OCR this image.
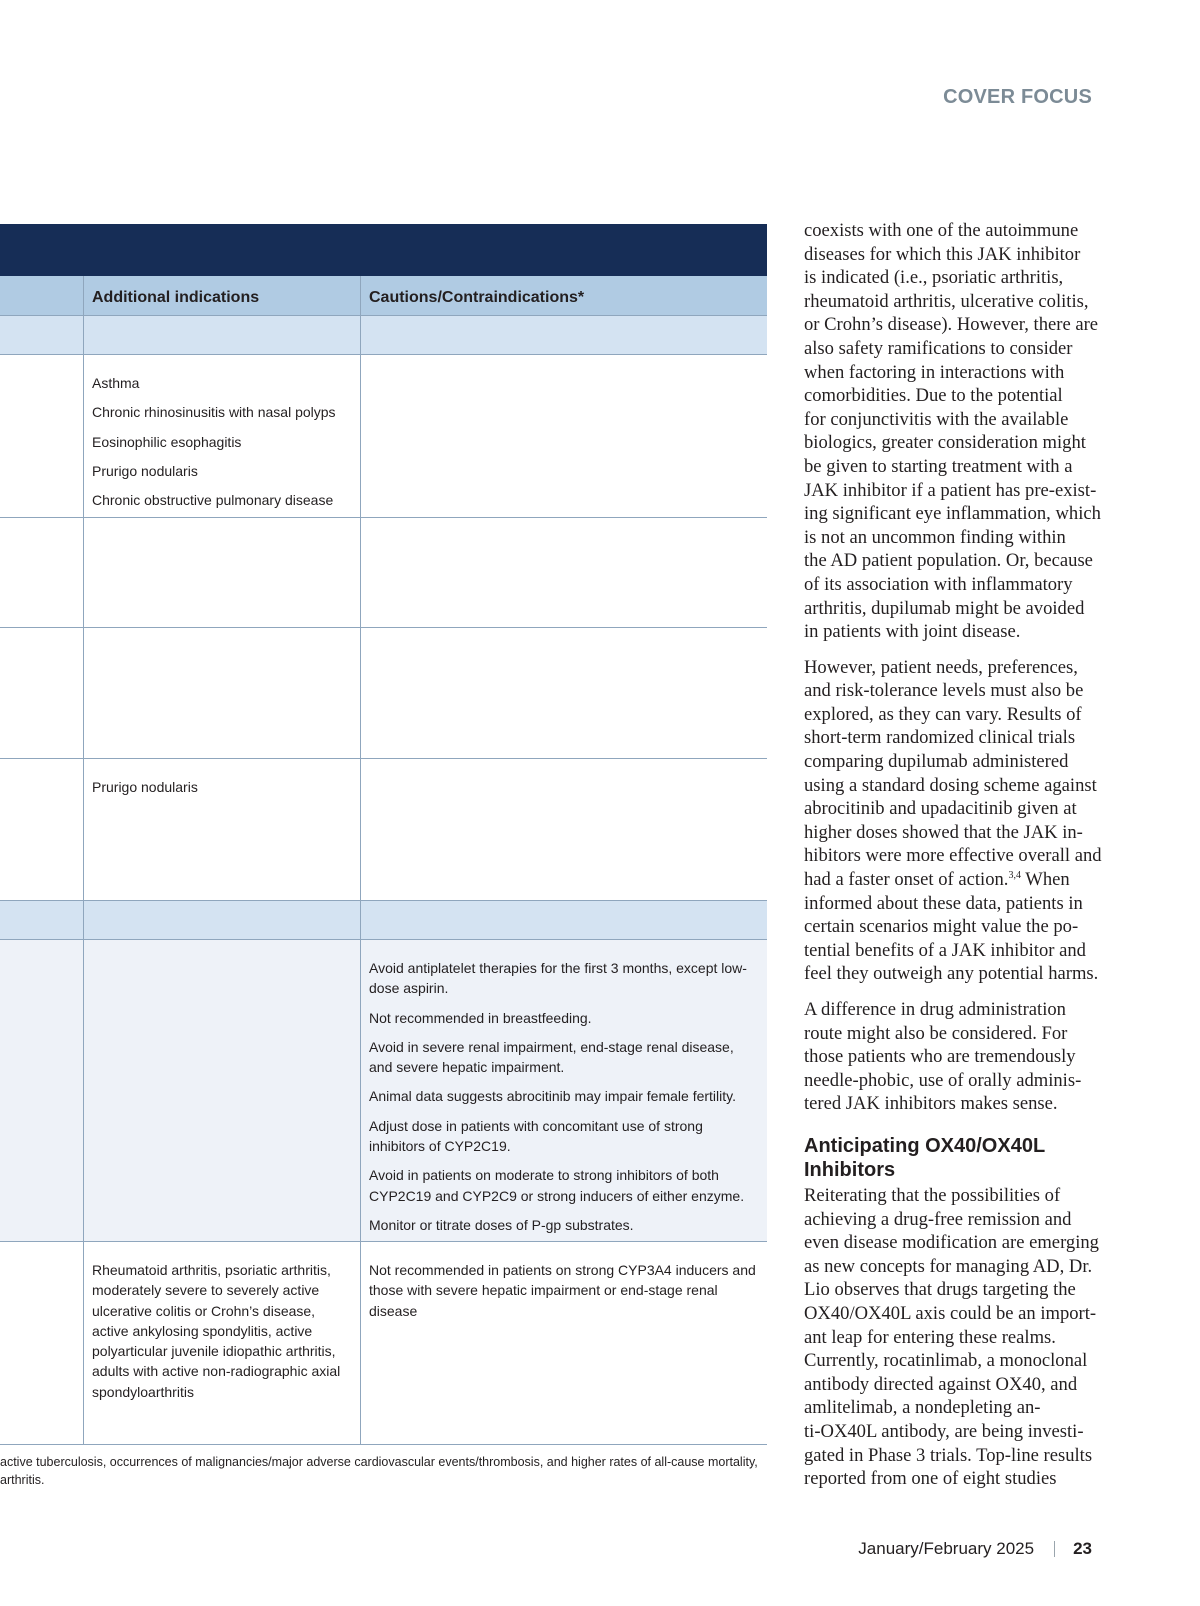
COVER FOCUS
Additional indications	Cautions/Contraindications*

Asthma

Chronic rhinosinusitis with nasal polyps

Eosinophilic esophagitis

Prurigo nodularis

Chronic obstructive pulmonary disease

Prurigo nodularis

Avoid antiplatelet therapies for the first 3 months, except low-dose aspirin.

Not recommended in breastfeeding.

Avoid in severe renal impairment, end-stage renal disease, and severe hepatic impairment.

Animal data suggests abrocitinib may impair female fertility.

Adjust dose in patients with concomitant use of strong inhibitors of CYP2C19.

Avoid in patients on moderate to strong inhibitors of both CYP2C19 and CYP2C9 or strong inducers of either enzyme.

Monitor or titrate doses of P-gp substrates.

Rheumatoid arthritis, psoriatic arthritis, moderately severe to severely active ulcerative colitis or Crohn’s disease, active ankylosing spondylitis, active polyarticular juvenile idiopathic arthritis, adults with active non-radiographic axial spondyloarthritis

Not recommended in patients on strong CYP3A4 inducers and those with severe hepatic impairment or end-stage renal disease

active tuberculosis, occurrences of malignancies/major adverse cardiovascular events/thrombosis, and higher rates of all-cause mortality,
arthritis.

coexists with one of the autoimmune
diseases for which this JAK inhibitor
is indicated (i.e., psoriatic arthritis,
rheumatoid arthritis, ulcerative colitis,
or Crohn’s disease). However, there are
also safety ramifications to consider
when factoring in interactions with
comorbidities. Due to the potential
for conjunctivitis with the available
biologics, greater consideration might
be given to starting treatment with a
JAK inhibitor if a patient has pre-exist-
ing significant eye inflammation, which
is not an uncommon finding within
the AD patient population. Or, because
of its association with inflammatory
arthritis, dupilumab might be avoided
in patients with joint disease.

However, patient needs, preferences,
and risk-tolerance levels must also be
explored, as they can vary. Results of
short-term randomized clinical trials
comparing dupilumab administered
using a standard dosing scheme against
abrocitinib and upadacitinib given at
higher doses showed that the JAK in-
hibitors were more effective overall and
had a faster onset of action.$^{3,4}$ When
informed about these data, patients in
certain scenarios might value the po-
tential benefits of a JAK inhibitor and
feel they outweigh any potential harms.

A difference in drug administration
route might also be considered. For
those patients who are tremendously
needle-phobic, use of orally adminis-
tered JAK inhibitors makes sense.

Anticipating OX40/OX40L Inhibitors

Reiterating that the possibilities of
achieving a drug-free remission and
even disease modification are emerging
as new concepts for managing AD, Dr.
Lio observes that drugs targeting the
OX40/OX40L axis could be an import-
ant leap for entering these realms.
Currently, rocatinlimab, a monoclonal
antibody directed against OX40, and
amlitelimab, a nondepleting an-
ti-OX40L antibody, are being investi-
gated in Phase 3 trials. Top-line results
reported from one of eight studies

January/February 2025 23
